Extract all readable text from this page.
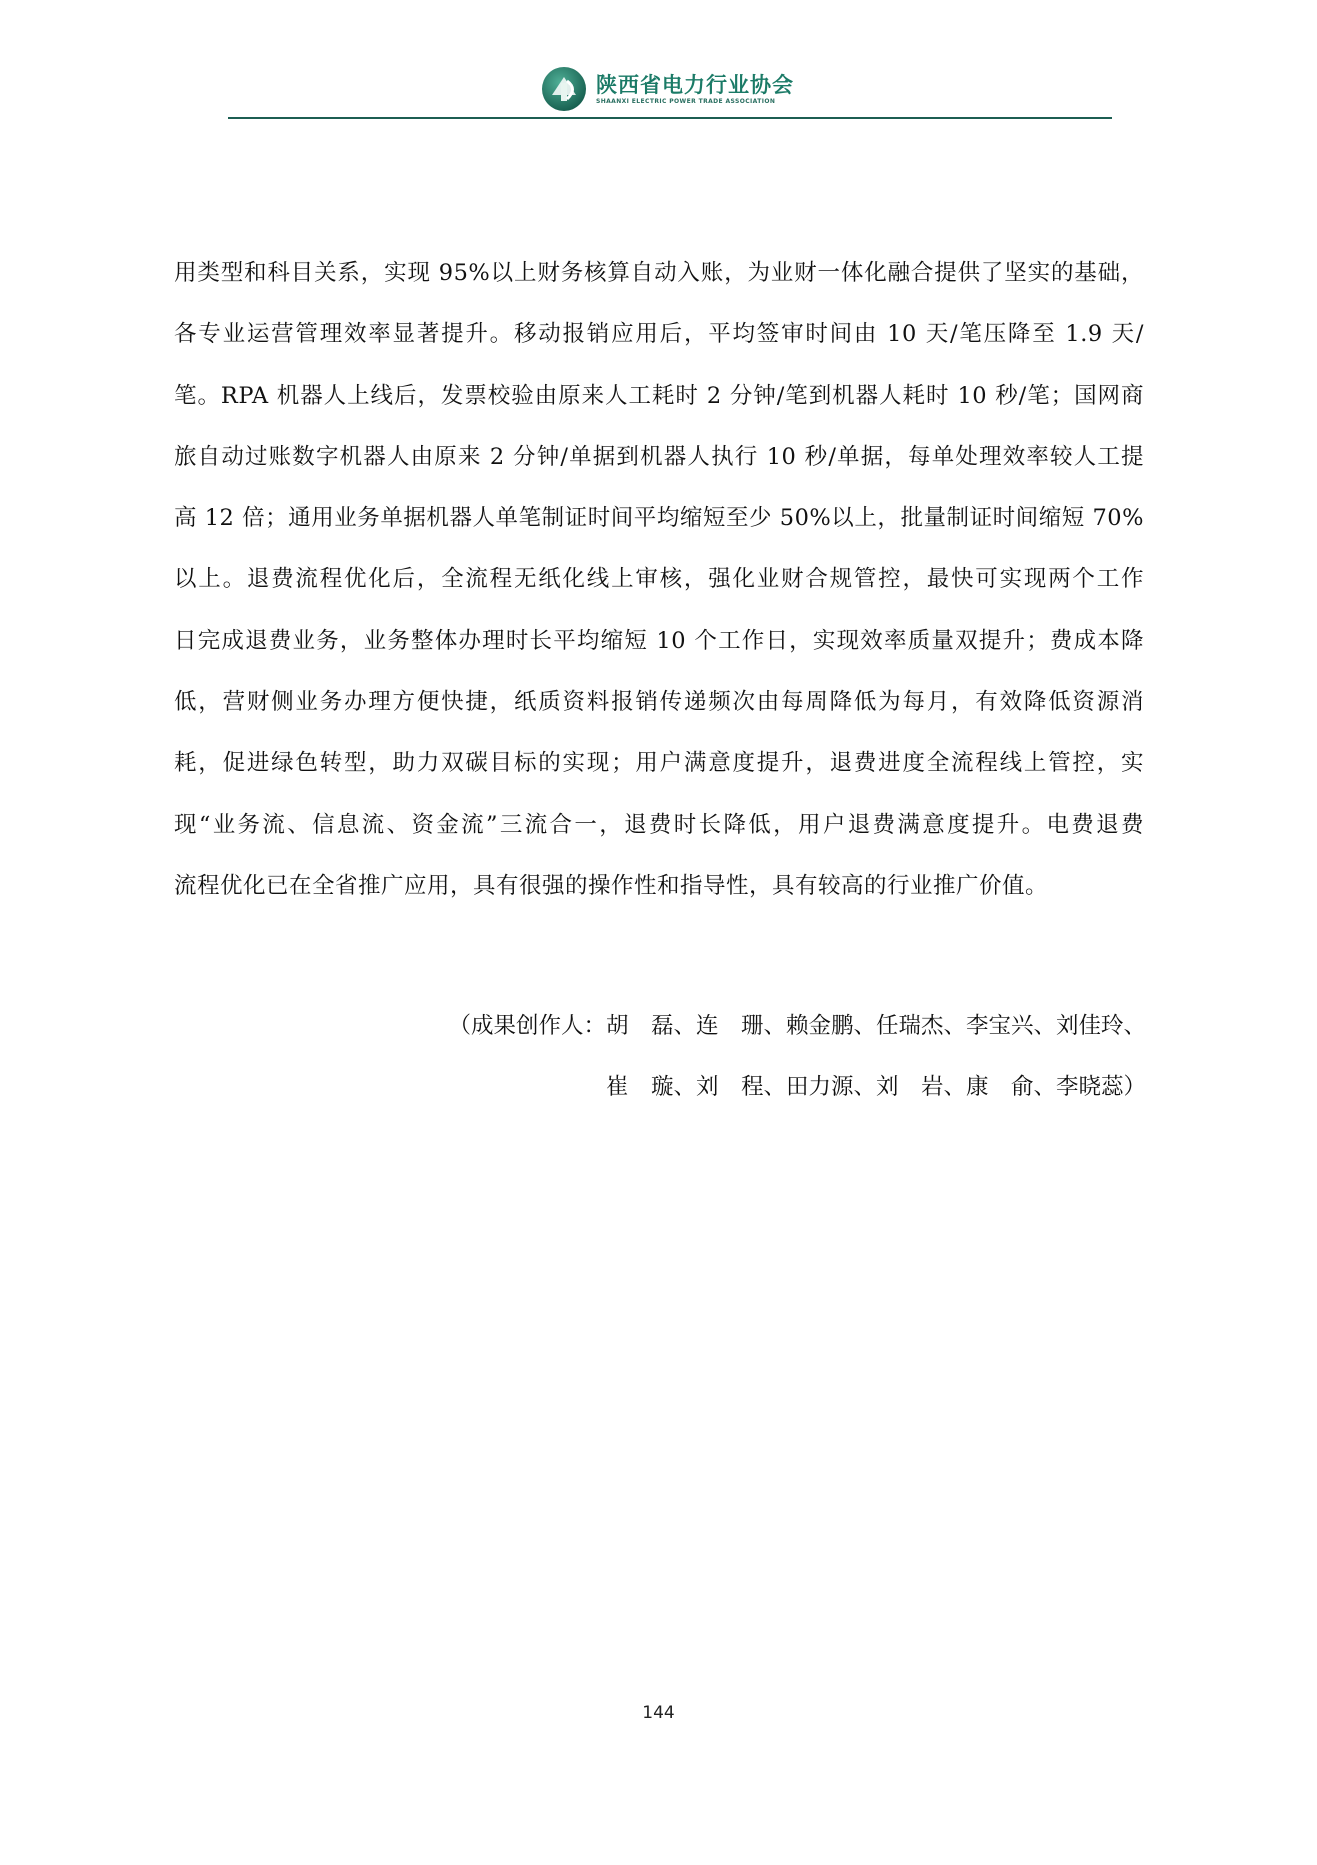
陕西省电力行业协会
SHAANXI ELECTRIC POWER TRADE ASSOCIATION
用类型和科目关系，实现 95%以上财务核算自动入账，为业财一体化融合提供了坚实的基础，
各专业运营管理效率显著提升。移动报销应用后，平均签审时间由 10 天/笔压降至 1.9 天/
笔。RPA 机器人上线后，发票校验由原来人工耗时 2 分钟/笔到机器人耗时 10 秒/笔；国网商
旅自动过账数字机器人由原来 2 分钟/单据到机器人执行 10 秒/单据，每单处理效率较人工提
高 12 倍；通用业务单据机器人单笔制证时间平均缩短至少 50%以上，批量制证时间缩短 70%
以上。退费流程优化后，全流程无纸化线上审核，强化业财合规管控，最快可实现两个工作
日完成退费业务，业务整体办理时长平均缩短 10 个工作日，实现效率质量双提升；费成本降
低，营财侧业务办理方便快捷，纸质资料报销传递频次由每周降低为每月，有效降低资源消
耗，促进绿色转型，助力双碳目标的实现；用户满意度提升，退费进度全流程线上管控，实
现“业务流、信息流、资金流”三流合一，退费时长降低，用户退费满意度提升。电费退费
流程优化已在全省推广应用，具有很强的操作性和指导性，具有较高的行业推广价值。
（成果创作人：胡　磊、连　珊、赖金鹏、任瑞杰、李宝兴、刘佳玲、
崔　璇、刘　程、田力源、刘　岩、康　俞、李晓蕊）
144
